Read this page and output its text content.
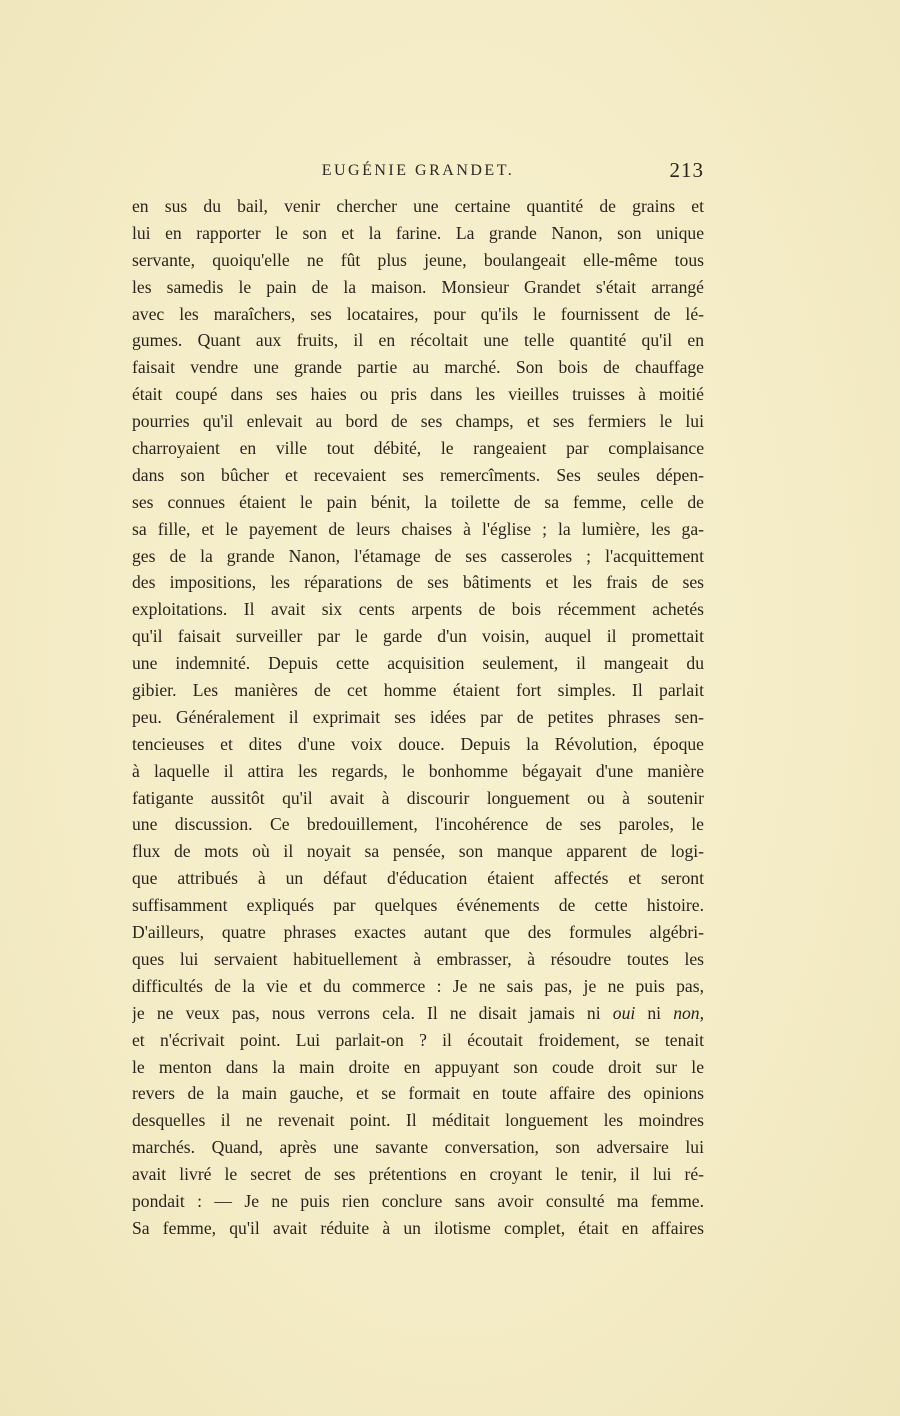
EUGÉNIE GRANDET.	213
en sus du bail, venir chercher une certaine quantité de grains et
lui en rapporter le son et la farine. La grande Nanon, son unique
servante, quoiqu'elle ne fût plus jeune, boulangeait elle-même tous
les samedis le pain de la maison. Monsieur Grandet s'était arrangé
avec les maraîchers, ses locataires, pour qu'ils le fournissent de lé-
gumes. Quant aux fruits, il en récoltait une telle quantité qu'il en
faisait vendre une grande partie au marché. Son bois de chauffage
était coupé dans ses haies ou pris dans les vieilles truisses à moitié
pourries qu'il enlevait au bord de ses champs, et ses fermiers le lui
charroyaient en ville tout débité, le rangeaient par complaisance
dans son bûcher et recevaient ses remercîments. Ses seules dépen-
ses connues étaient le pain bénit, la toilette de sa femme, celle de
sa fille, et le payement de leurs chaises à l'église ; la lumière, les ga-
ges de la grande Nanon, l'étamage de ses casseroles ; l'acquittement
des impositions, les réparations de ses bâtiments et les frais de ses
exploitations. Il avait six cents arpents de bois récemment achetés
qu'il faisait surveiller par le garde d'un voisin, auquel il promettait
une indemnité. Depuis cette acquisition seulement, il mangeait du
gibier. Les manières de cet homme étaient fort simples. Il parlait
peu. Généralement il exprimait ses idées par de petites phrases sen-
tencieuses et dites d'une voix douce. Depuis la Révolution, époque
à laquelle il attira les regards, le bonhomme bégayait d'une manière
fatigante aussitôt qu'il avait à discourir longuement ou à soutenir
une discussion. Ce bredouillement, l'incohérence de ses paroles, le
flux de mots où il noyait sa pensée, son manque apparent de logi-
que attribués à un défaut d'éducation étaient affectés et seront
suffisamment expliqués par quelques événements de cette histoire.
D'ailleurs, quatre phrases exactes autant que des formules algébri-
ques lui servaient habituellement à embrasser, à résoudre toutes les
difficultés de la vie et du commerce : Je ne sais pas, je ne puis pas,
je ne veux pas, nous verrons cela. Il ne disait jamais ni oui ni non,
et n'écrivait point. Lui parlait-on ? il écoutait froidement, se tenait
le menton dans la main droite en appuyant son coude droit sur le
revers de la main gauche, et se formait en toute affaire des opinions
desquelles il ne revenait point. Il méditait longuement les moindres
marchés. Quand, après une savante conversation, son adversaire lui
avait livré le secret de ses prétentions en croyant le tenir, il lui ré-
pondait : — Je ne puis rien conclure sans avoir consulté ma femme.
Sa femme, qu'il avait réduite à un ilotisme complet, était en affaires
